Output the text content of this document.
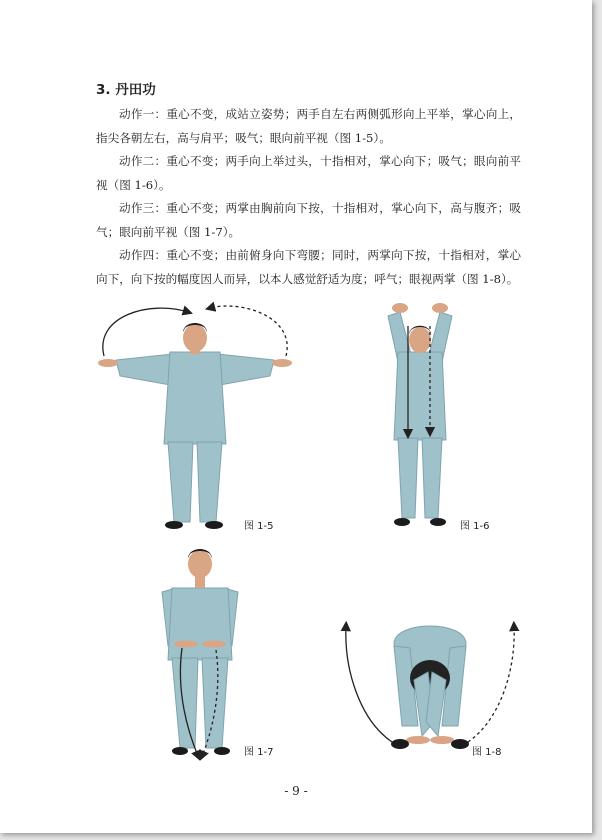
3. 丹田功

动作一：重心不变，成站立姿势；两手自左右两侧弧形向上平举，掌心向上，指尖各朝左右，高与肩平；吸气；眼向前平视（图 1-5）。

动作二：重心不变；两手向上举过头，十指相对，掌心向下；吸气；眼向前平视（图 1-6）。

动作三：重心不变；两掌由胸前向下按，十指相对，掌心向下，高与腹齐；吸气；眼向前平视（图 1-7）。

动作四：重心不变；由前俯身向下弯腰；同时，两掌向下按，十指相对，掌心向下，向下按的幅度因人而异，以本人感觉舒适为度；呼气；眼视两掌（图 1-8）。

图 1-5	图 1-6
图 1-7	图 1-8
- 9 -
